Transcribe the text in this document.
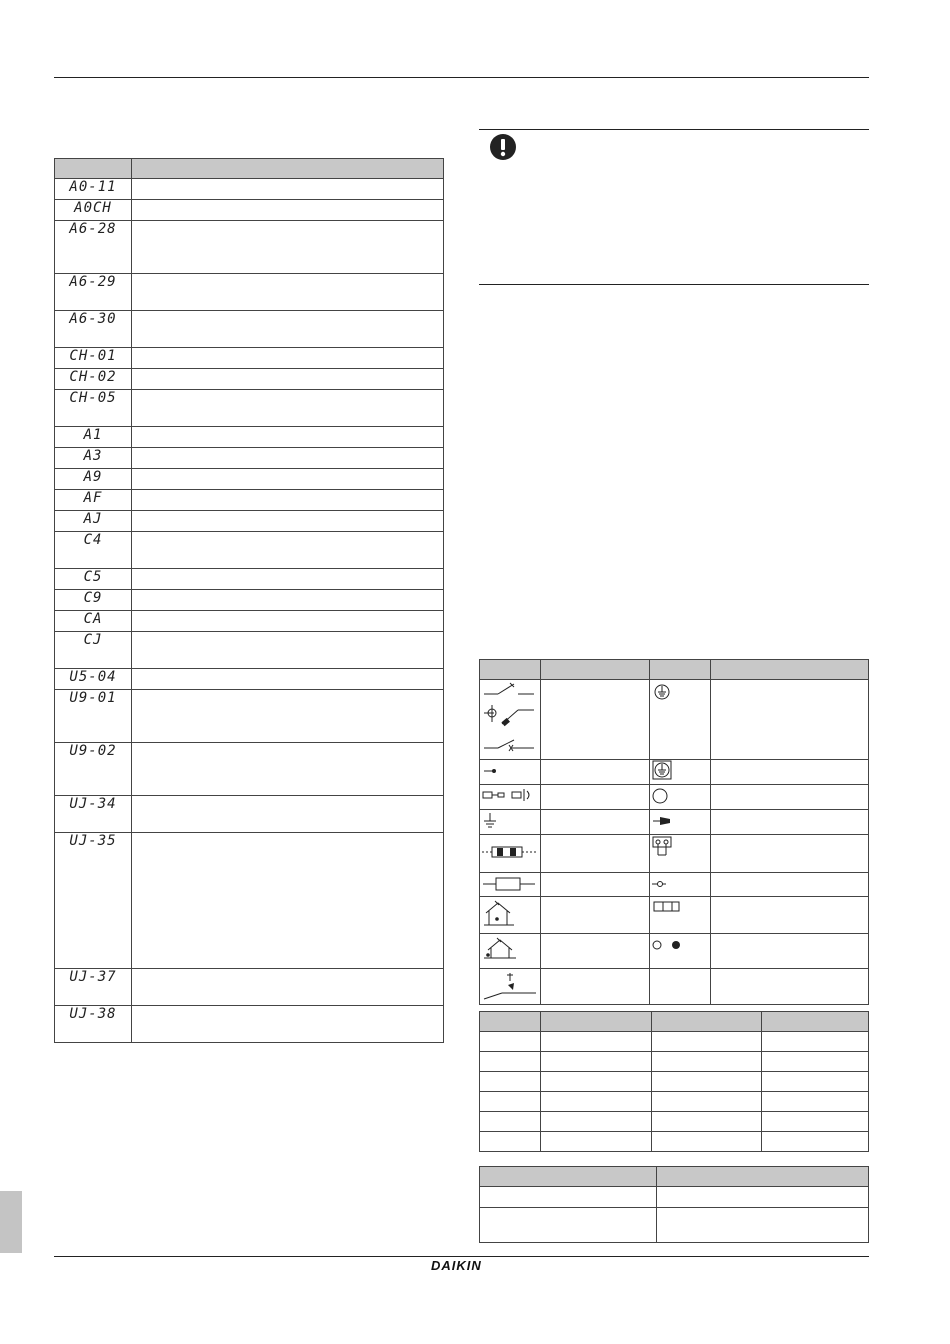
A0-11	
A0CH	
A6-28	
A6-29	
A6-30	
CH-01	
CH-02	
CH-05	
A1	
A3	
A9	
AF	
AJ	
C4	
C5	
C9	
CA	
CJ	
U5-04	
U9-01	
U9-02	
UJ-34	
UJ-35	
UJ-37	
UJ-38	

DAIKIN
